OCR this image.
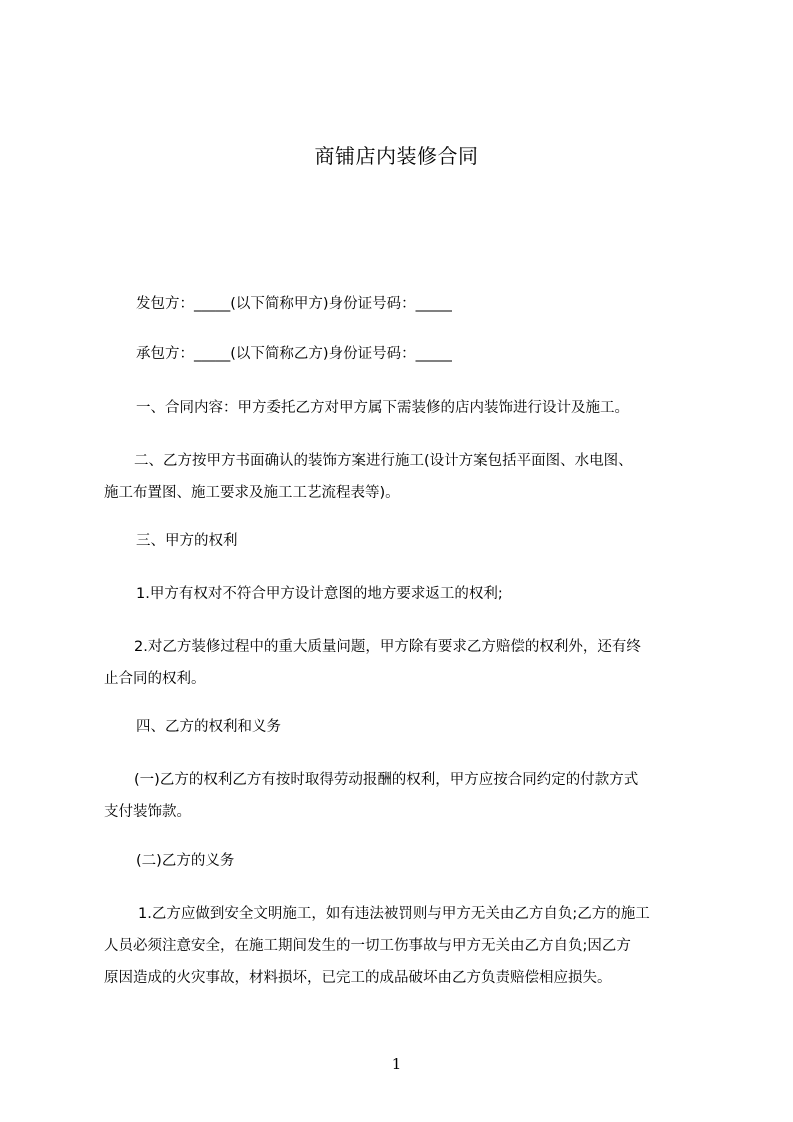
商铺店内装修合同

发包方：_____(以下简称甲方)身份证号码：_____

承包方：_____(以下简称乙方)身份证号码：_____

一、合同内容：甲方委托乙方对甲方属下需装修的店内装饰进行设计及施工。

二、乙方按甲方书面确认的装饰方案进行施工(设计方案包括平面图、水电图、
施工布置图、施工要求及施工工艺流程表等)。

三、甲方的权利

1.甲方有权对不符合甲方设计意图的地方要求返工的权利;

2.对乙方装修过程中的重大质量问题，甲方除有要求乙方赔偿的权利外，还有终
止合同的权利。

四、乙方的权利和义务

(一)乙方的权利乙方有按时取得劳动报酬的权利，甲方应按合同约定的付款方式
支付装饰款。

(二)乙方的义务

1.乙方应做到安全文明施工，如有违法被罚则与甲方无关由乙方自负;乙方的施工
人员必须注意安全，在施工期间发生的一切工伤事故与甲方无关由乙方自负;因乙方
原因造成的火灾事故，材料损坏，已完工的成品破坏由乙方负责赔偿相应损失。

1
